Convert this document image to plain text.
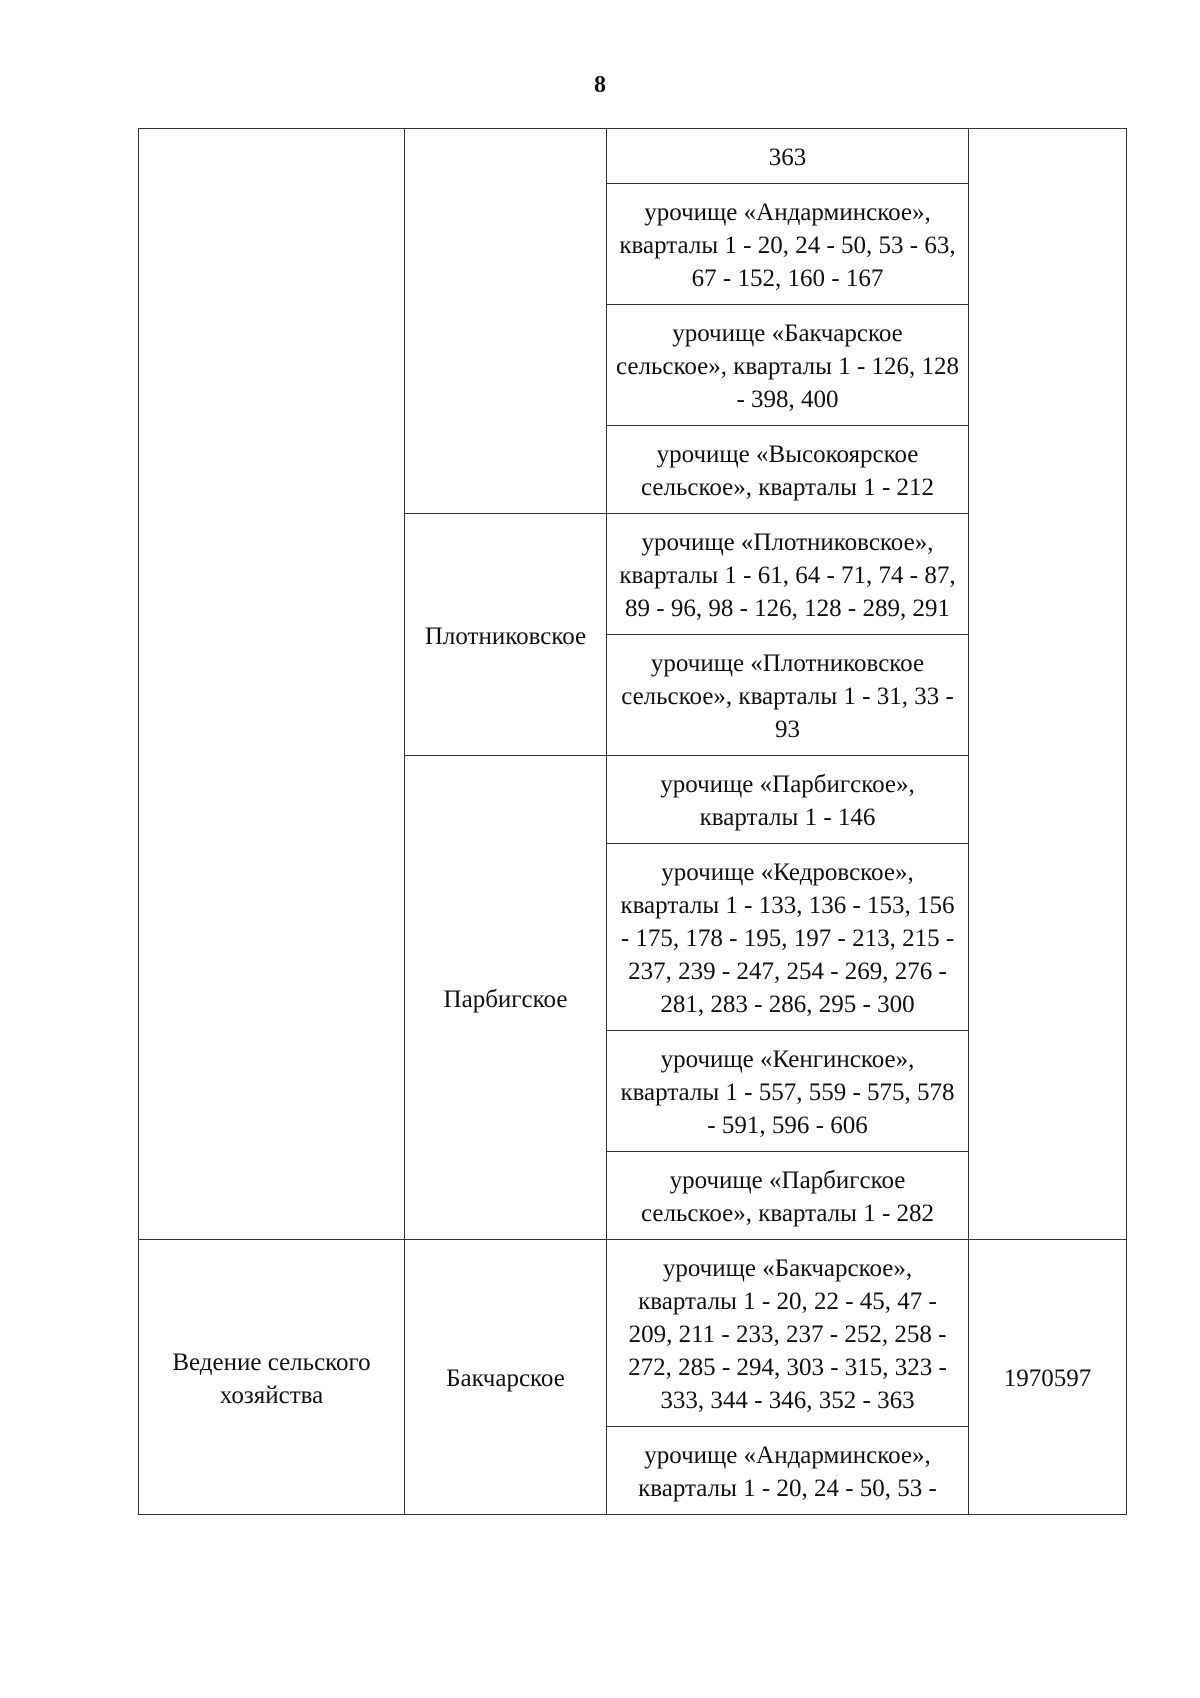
8
		363	
		урочище «Андарминское», кварталы 1 - 20, 24 - 50, 53 - 63, 67 - 152, 160 - 167	
		урочище «Бакчарское сельское», кварталы 1 - 126, 128 - 398, 400	
		урочище «Высокоярское сельское», кварталы 1 - 212	
	Плотниковское	урочище «Плотниковское», кварталы 1 - 61, 64 - 71, 74 - 87, 89 - 96, 98 - 126, 128 - 289, 291	
		урочище «Плотниковское сельское», кварталы 1 - 31, 33 - 93	
	Парбигское	урочище «Парбигское», кварталы 1 - 146	
		урочище «Кедровское», кварталы 1 - 133, 136 - 153, 156 - 175, 178 - 195, 197 - 213, 215 - 237, 239 - 247, 254 - 269, 276 - 281, 283 - 286, 295 - 300	
		урочище «Кенгинское», кварталы 1 - 557, 559 - 575, 578 - 591, 596 - 606	
		урочище «Парбигское сельское», кварталы 1 - 282	
Ведение сельского хозяйства	Бакчарское	урочище «Бакчарское», кварталы 1 - 20, 22 - 45, 47 - 209, 211 - 233, 237 - 252, 258 - 272, 285 - 294, 303 - 315, 323 - 333, 344 - 346, 352 - 363	1970597
		урочище «Андарминское», кварталы 1 - 20, 24 - 50, 53 -	
